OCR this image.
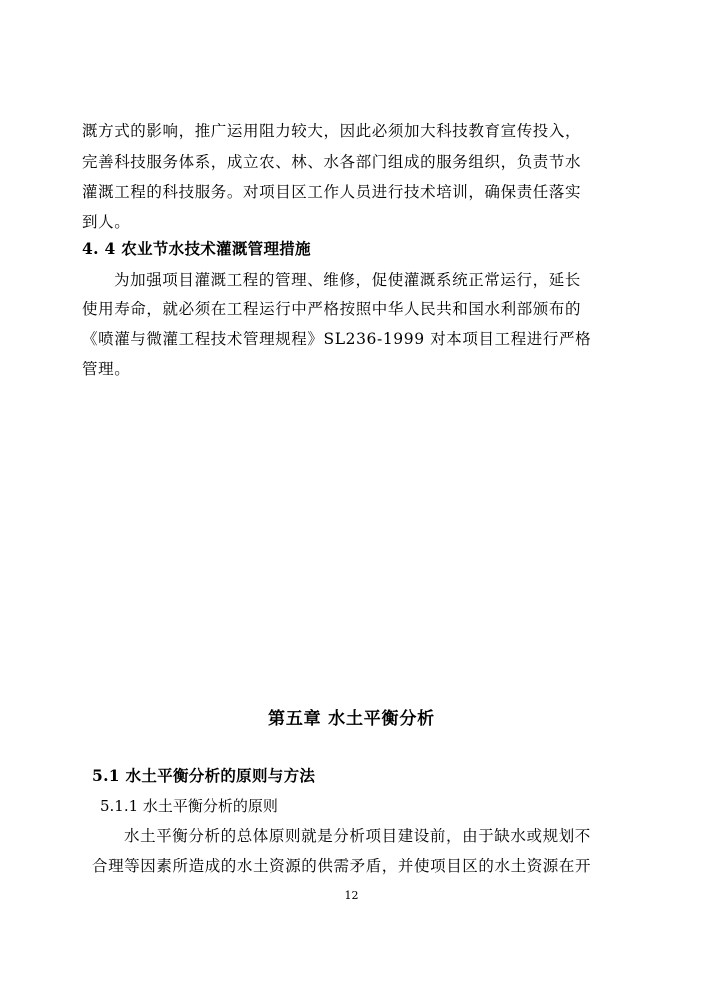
溉方式的影响，推广运用阻力较大，因此必须加大科技教育宣传投入，
完善科技服务体系，成立农、林、水各部门组成的服务组织，负责节水
灌溉工程的科技服务。对项目区工作人员进行技术培训，确保责任落实
到人。
4. 4 农业节水技术灌溉管理措施
为加强项目灌溉工程的管理、维修，促使灌溉系统正常运行，延长
使用寿命，就必须在工程运行中严格按照中华人民共和国水利部颁布的
《喷灌与微灌工程技术管理规程》SL236-1999 对本项目工程进行严格
管理。
第五章 水土平衡分析
5.1 水土平衡分析的原则与方法
5.1.1 水土平衡分析的原则
水土平衡分析的总体原则就是分析项目建设前，由于缺水或规划不
合理等因素所造成的水土资源的供需矛盾，并使项目区的水土资源在开
12
